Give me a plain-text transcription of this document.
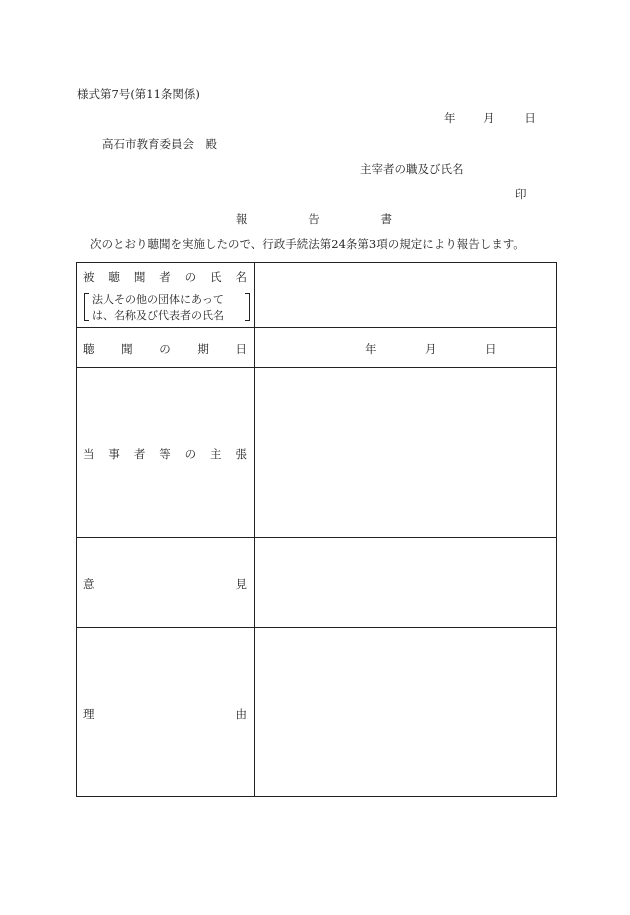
様式第7号(第11条関係)
年 月	日
高石市教育委員会　殿
主宰者の職及び氏名
印
報	告	書
次のとおり聴聞を実施したので、行政手続法第24条第3項の規定により報告します。
被 聴 聞 者 の 氏 名
法人その他の団体にあって
は、名称及び代表者の氏名
聴 聞 の 期 日	年	月	日
当 事 者 等 の 主 張
意	見
理	由
